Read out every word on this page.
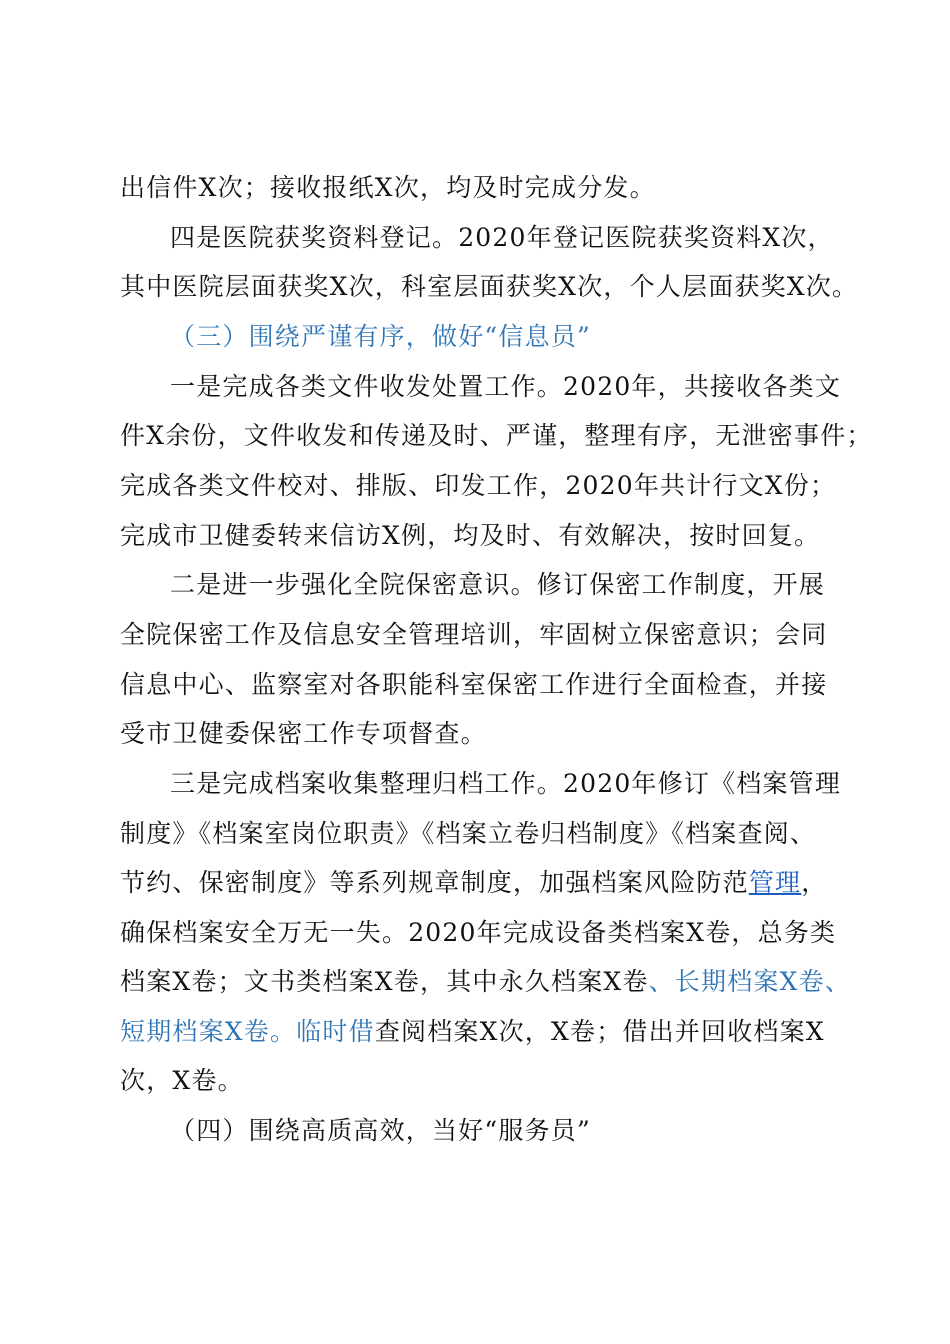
出信件X次；接收报纸X次，均及时完成分发。
四是医院获奖资料登记。2020年登记医院获奖资料X次，
其中医院层面获奖X次，科室层面获奖X次，个人层面获奖X次。
（三）围绕严谨有序，做好“信息员”
一是完成各类文件收发处置工作。2020年，共接收各类文
件X余份，文件收发和传递及时、严谨，整理有序，无泄密事件；
完成各类文件校对、排版、印发工作，2020年共计行文X份；
完成市卫健委转来信访X例，均及时、有效解决，按时回复。
二是进一步强化全院保密意识。修订保密工作制度，开展
全院保密工作及信息安全管理培训，牢固树立保密意识；会同
信息中心、监察室对各职能科室保密工作进行全面检查，并接
受市卫健委保密工作专项督查。
三是完成档案收集整理归档工作。2020年修订《档案管理
制度》《档案室岗位职责》《档案立卷归档制度》《档案查阅、
节约、保密制度》等系列规章制度，加强档案风险防范管理，
确保档案安全万无一失。2020年完成设备类档案X卷，总务类
档案X卷；文书类档案X卷，其中永久档案X卷、长期档案X卷、
短期档案X卷。临时借查阅档案X次，X卷；借出并回收档案X
次，X卷。
（四）围绕高质高效，当好“服务员”
